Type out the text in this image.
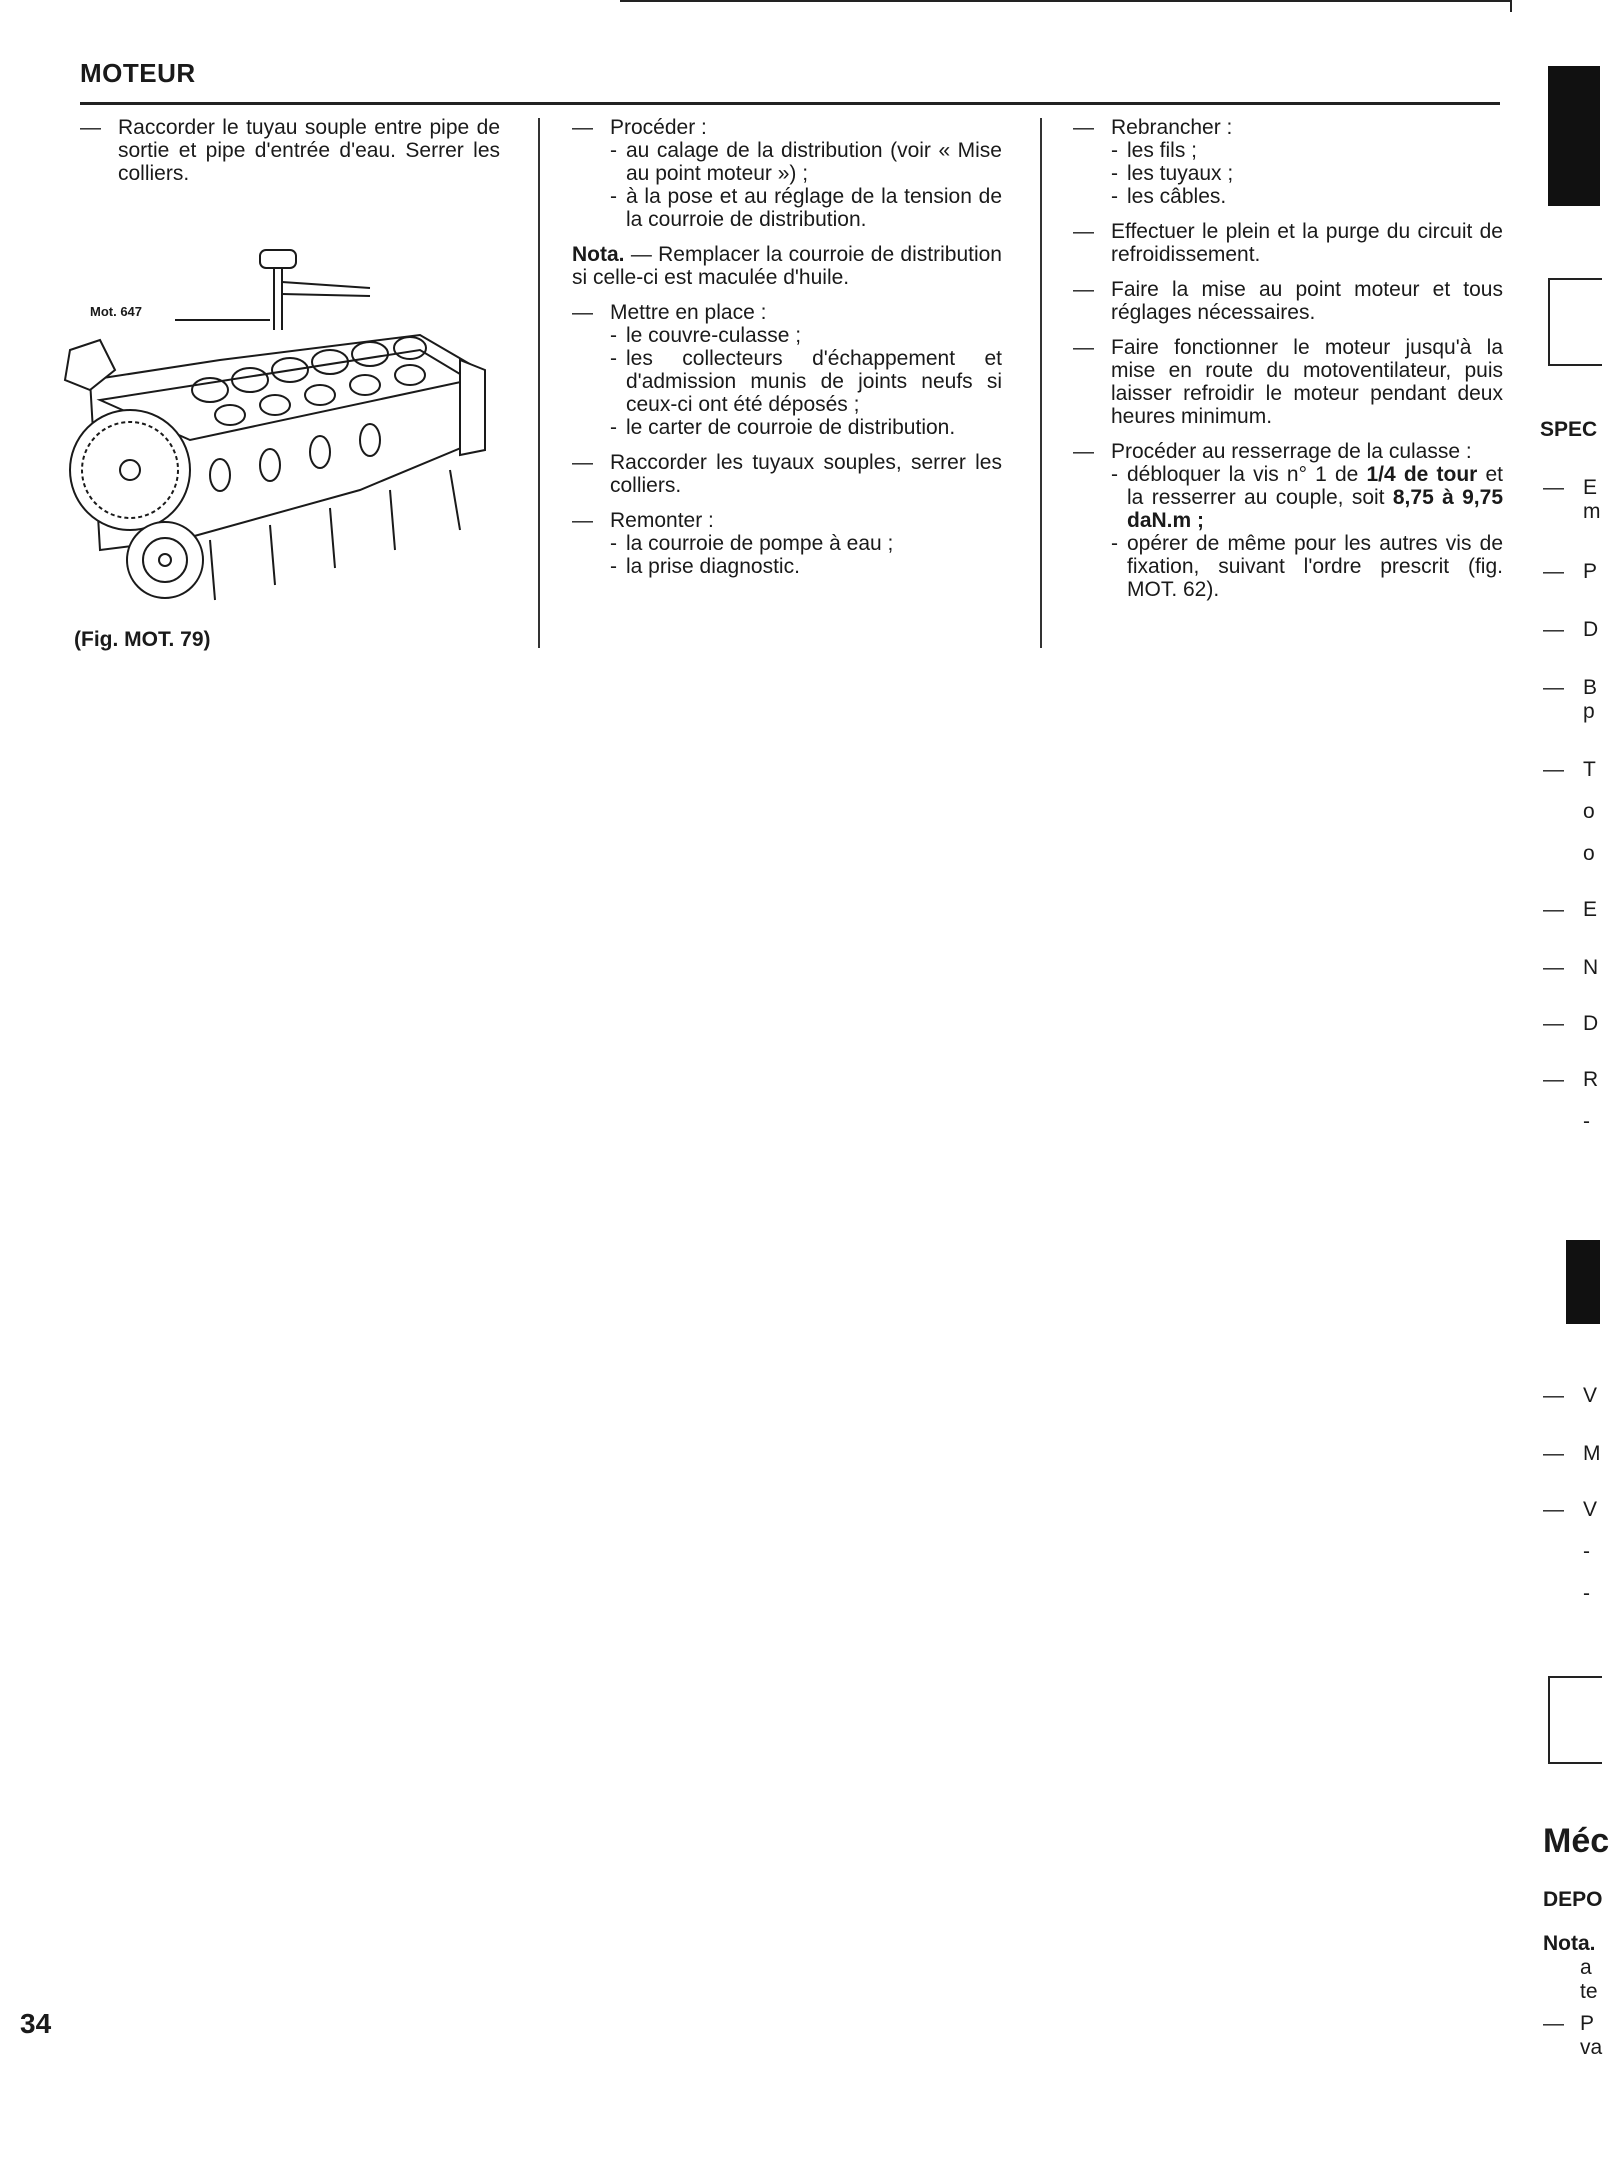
MOTEUR
— Raccorder le tuyau souple entre pipe de sortie et pipe d'entrée d'eau. Serrer les colliers.
Mot. 647
(Fig. MOT. 79)
— Procéder :
- au calage de la distribution (voir « Mise au point moteur ») ;
- à la pose et au réglage de la tension de la courroie de distribution.
Nota. — Remplacer la courroie de distribution si celle-ci est maculée d'huile.
— Mettre en place :
- le couvre-culasse ;
- les collecteurs d'échappement et d'admission munis de joints neufs si ceux-ci ont été déposés ;
- le carter de courroie de distribution.
— Raccorder les tuyaux souples, serrer les colliers.
— Remonter :
- la courroie de pompe à eau ;
- la prise diagnostic.
— Rebrancher :
- les fils ;
- les tuyaux ;
- les câbles.
— Effectuer le plein et la purge du circuit de refroidissement.
— Faire la mise au point moteur et tous réglages nécessaires.
— Faire fonctionner le moteur jusqu'à la mise en route du motoventilateur, puis laisser refroidir le moteur pendant deux heures minimum.
— Procéder au resserrage de la culasse :
- débloquer la vis n° 1 de 1/4 de tour et la resserrer au couple, soit 8,75 à 9,75 daN.m ;
- opérer de même pour les autres vis de fixation, suivant l'ordre prescrit (fig. MOT. 62).
SPEC
— E
m
— P
— D
— B
p
— T
o
o
— E
— N
— D
— R
-
— V
— M
— V
-
-
Méc
DEPO
Nota.
a
te
— P
va
34
